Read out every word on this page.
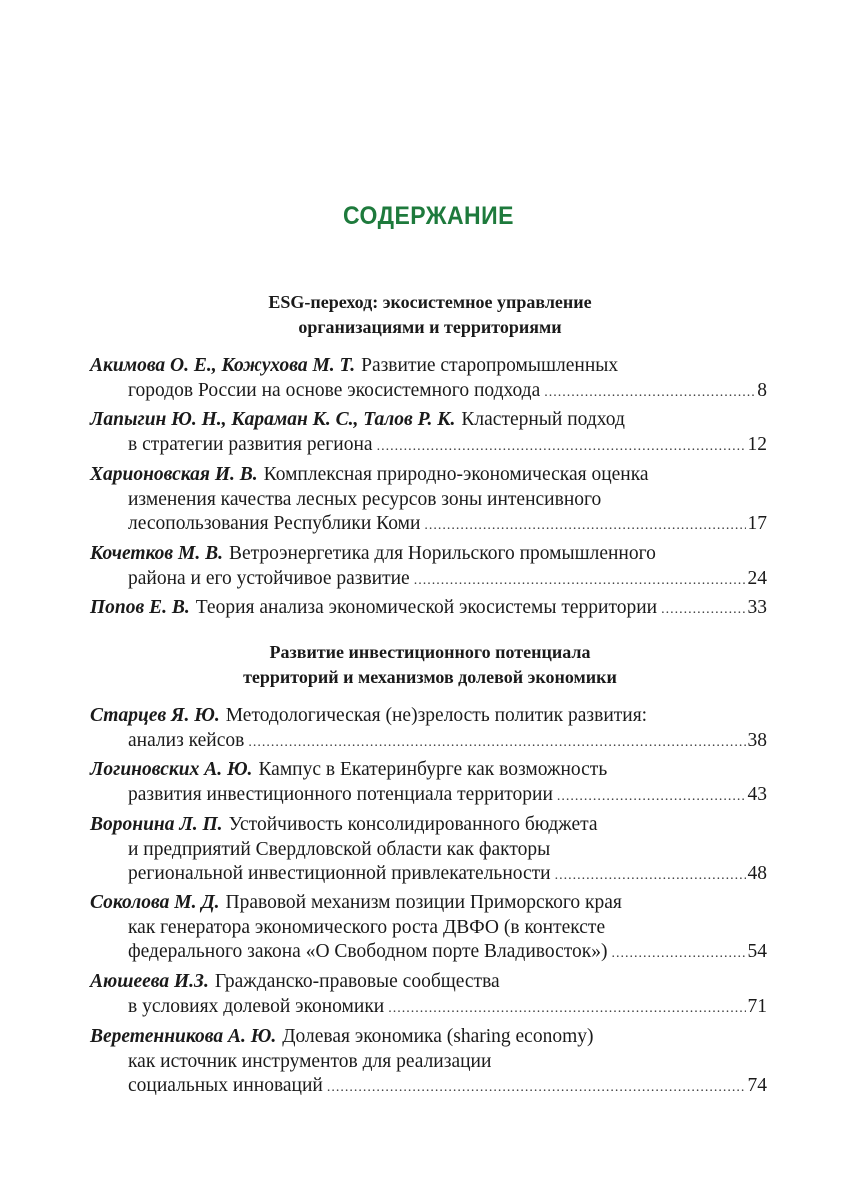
СОДЕРЖАНИЕ
ESG-переход: экосистемное управление
организациями и территориями
Акимова О. Е., Кожухова М. Т. Развитие старопромышленных
городов России на основе экосистемного подхода .....	8
Лапыгин Ю. Н., Караман К. С., Талов Р. К. Кластерный подход
в стратегии развития региона .....	12
Харионовская И. В. Комплексная природно-экономическая оценка
изменения качества лесных ресурсов зоны интенсивного
лесопользования Республики Коми .....	17
Кочетков М. В. Ветроэнергетика для Норильского промышленного
района и его устойчивое развитие .....	24
Попов Е. В. Теория анализа экономической экосистемы территории .....	33
Развитие инвестиционного потенциала
территорий и механизмов долевой экономики
Старцев Я. Ю. Методологическая (не)зрелость политик развития:
анализ кейсов .....	38
Логиновских А. Ю. Кампус в Екатеринбурге как возможность
развития инвестиционного потенциала территории .....	43
Воронина Л. П. Устойчивость консолидированного бюджета
и предприятий Свердловской области как факторы
региональной инвестиционной привлекательности .....	48
Соколова М. Д. Правовой механизм позиции Приморского края
как генератора экономического роста ДВФО (в контексте
федерального закона «О Свободном порте Владивосток») .....	54
Аюшеева И.З. Гражданско-правовые сообщества
в условиях долевой экономики .....	71
Веретенникова А. Ю. Долевая экономика (sharing economy)
как источник инструментов для реализации
социальных инноваций .....	74
